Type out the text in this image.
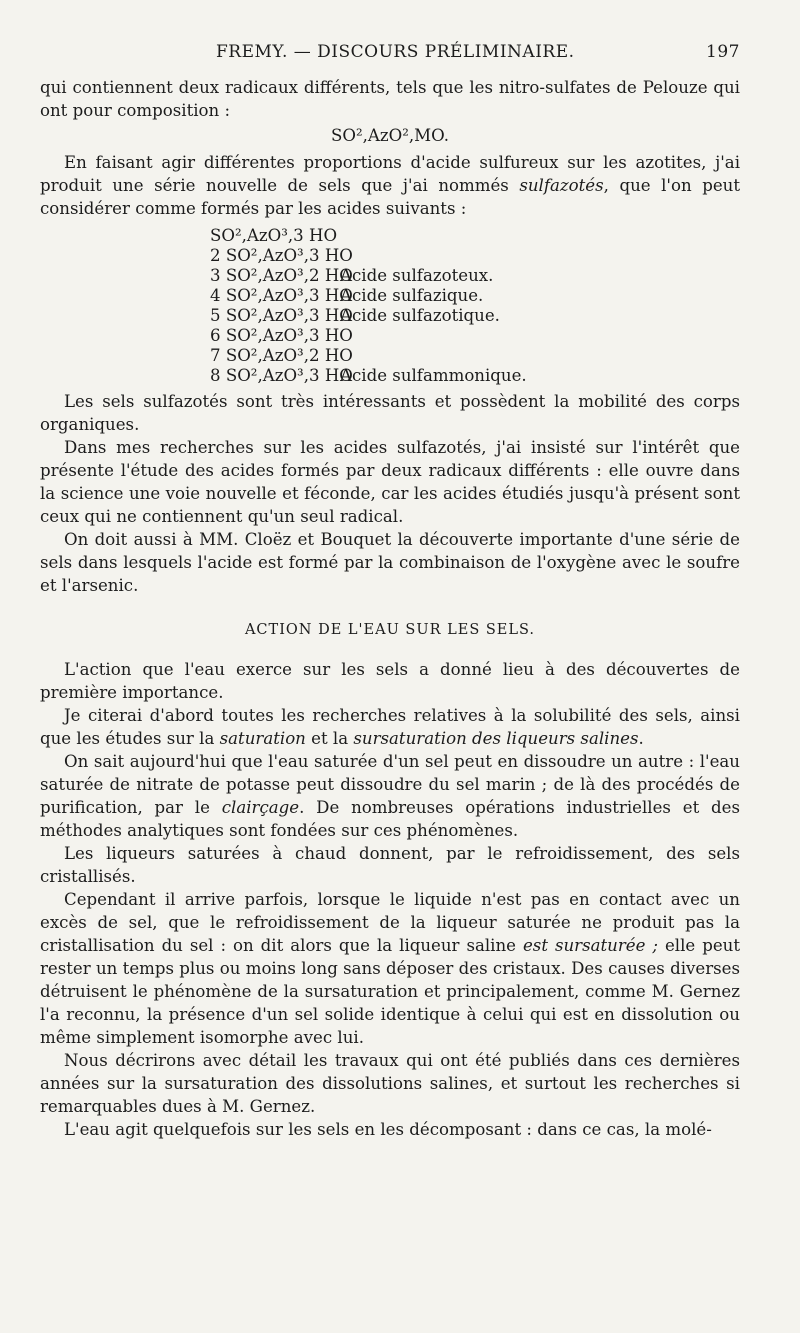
FREMY. — DISCOURS PRÉLIMINAIRE.	197

qui contiennent deux radicaux différents, tels que les nitro-sulfates de Pelouze qui ont pour composition :

SO²,AzO²,MO.

En faisant agir différentes proportions d'acide sulfureux sur les azotites, j'ai produit une série nouvelle de sels que j'ai nommés sulfazotés, que l'on peut considérer comme formés par les acides suivants :

SO²,AzO³,3 HO
2 SO²,AzO³,3 HO
3 SO²,AzO³,2 HOAcide sulfazoteux.
4 SO²,AzO³,3 HOAcide sulfazique.
5 SO²,AzO³,3 HOAcide sulfazotique.
6 SO²,AzO³,3 HO
7 SO²,AzO³,2 HO
8 SO²,AzO³,3 HOAcide sulfammonique.

Les sels sulfazotés sont très intéressants et possèdent la mobilité des corps organiques.

Dans mes recherches sur les acides sulfazotés, j'ai insisté sur l'intérêt que présente l'étude des acides formés par deux radicaux différents : elle ouvre dans la science une voie nouvelle et féconde, car les acides étudiés jusqu'à présent sont ceux qui ne contiennent qu'un seul radical.

On doit aussi à MM. Cloëz et Bouquet la découverte importante d'une série de sels dans lesquels l'acide est formé par la combinaison de l'oxygène avec le soufre et l'arsenic.

ACTION DE L'EAU SUR LES SELS.

L'action que l'eau exerce sur les sels a donné lieu à des découvertes de première importance.

Je citerai d'abord toutes les recherches relatives à la solubilité des sels, ainsi que les études sur la saturation et la sursaturation des liqueurs salines.

On sait aujourd'hui que l'eau saturée d'un sel peut en dissoudre un autre : l'eau saturée de nitrate de potasse peut dissoudre du sel marin ; de là des procédés de purification, par le clairçage. De nombreuses opérations industrielles et des méthodes analytiques sont fondées sur ces phénomènes.

Les liqueurs saturées à chaud donnent, par le refroidissement, des sels cristallisés.

Cependant il arrive parfois, lorsque le liquide n'est pas en contact avec un excès de sel, que le refroidissement de la liqueur saturée ne produit pas la cristallisation du sel : on dit alors que la liqueur saline est sursaturée ; elle peut rester un temps plus ou moins long sans déposer des cristaux. Des causes diverses détruisent le phénomène de la sursaturation et principalement, comme M. Gernez l'a reconnu, la présence d'un sel solide identique à celui qui est en dissolution ou même simplement isomorphe avec lui.

Nous décrirons avec détail les travaux qui ont été publiés dans ces dernières années sur la sursaturation des dissolutions salines, et surtout les recherches si remarquables dues à M. Gernez.

L'eau agit quelquefois sur les sels en les décomposant : dans ce cas, la molé-
